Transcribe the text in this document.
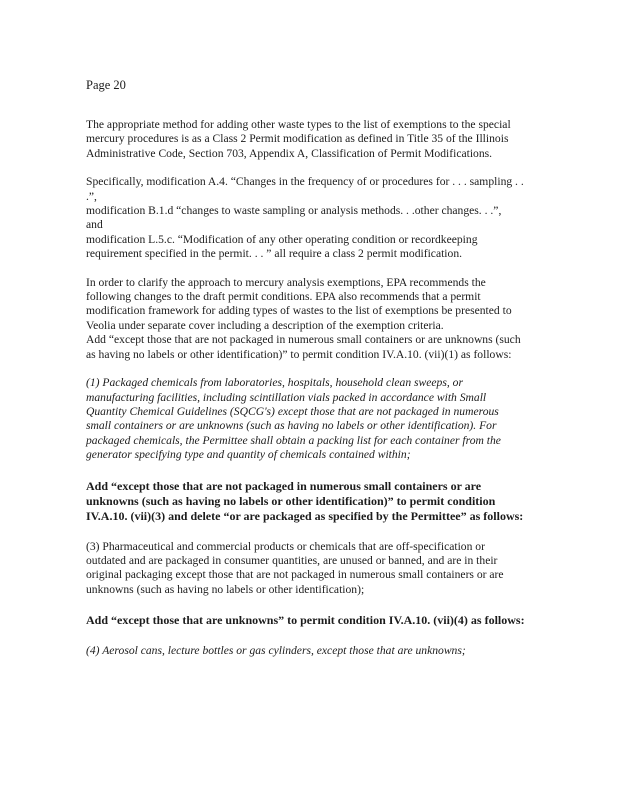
Page 20

The appropriate method for adding other waste types to the list of exemptions to the special mercury procedures is as a Class 2 Permit modification as defined in Title 35 of the Illinois Administrative Code, Section 703, Appendix A, Classification of Permit Modifications.

Specifically, modification A.4. “Changes in the frequency of or procedures for . . . sampling . . .”,

modification B.1.d “changes to waste sampling or analysis methods. . .other changes. . .”,

and

modification L.5.c. “Modification of any other operating condition or recordkeeping requirement specified in the permit. . . ” all require a class 2 permit modification.

In order to clarify the approach to mercury analysis exemptions, EPA recommends the following changes to the draft permit conditions. EPA also recommends that a permit modification framework for adding types of wastes to the list of exemptions be presented to Veolia under separate cover including a description of the exemption criteria.

Add “except those that are not packaged in numerous small containers or are unknowns (such as having no labels or other identification)” to permit condition IV.A.10. (vii)(1) as follows:

(1) Packaged chemicals from laboratories, hospitals, household clean sweeps, or manufacturing facilities, including scintillation vials packed in accordance with Small Quantity Chemical Guidelines (SQCG's) except those that are not packaged in numerous small containers or are unknowns (such as having no labels or other identification). For packaged chemicals, the Permittee shall obtain a packing list for each container from the generator specifying type and quantity of chemicals contained within;

Add “except those that are not packaged in numerous small containers or are unknowns (such as having no labels or other identification)” to permit condition IV.A.10. (vii)(3) and delete “or are packaged as specified by the Permittee” as follows:

(3) Pharmaceutical and commercial products or chemicals that are off-specification or outdated and are packaged in consumer quantities, are unused or banned, and are in their original packaging except those that are not packaged in numerous small containers or are unknowns (such as having no labels or other identification);

Add “except those that are unknowns” to permit condition IV.A.10. (vii)(4) as follows:

(4) Aerosol cans, lecture bottles or gas cylinders, except those that are unknowns;
